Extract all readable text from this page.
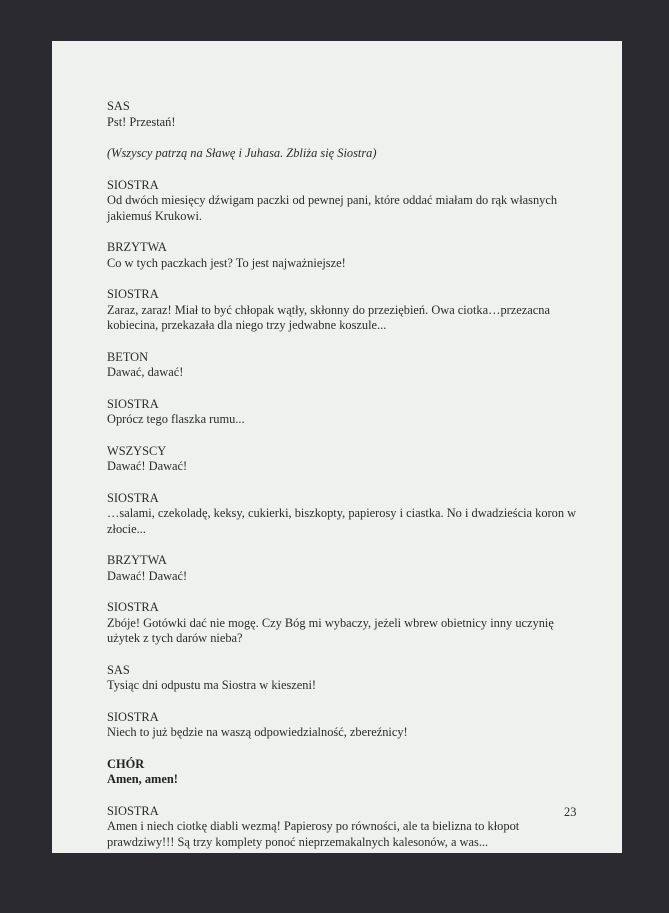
SAS
Pst! Przestań!
(Wszyscy patrzą na Sławę i Juhasa. Zbliża się Siostra)
SIOSTRA
Od dwóch miesięcy dźwigam paczki od pewnej pani, które oddać miałam do rąk własnych jakiemuś Krukowi.
BRZYTWA
Co w tych paczkach jest? To jest najważniejsze!
SIOSTRA
Zaraz, zaraz! Miał to być chłopak wątły, skłonny do przeziębień. Owa ciotka…przezacna kobiecina, przekazała dla niego trzy jedwabne koszule...
BETON
Dawać, dawać!
SIOSTRA
Oprócz tego flaszka rumu...
WSZYSCY
Dawać! Dawać!
SIOSTRA
…salami, czekoladę, keksy, cukierki, biszkopty, papierosy i ciastka. No i dwadzieścia koron w złocie...
BRZYTWA
Dawać! Dawać!
SIOSTRA
Zbóje! Gotówki dać nie mogę. Czy Bóg mi wybaczy, jeżeli wbrew obietnicy inny uczynię użytek z tych darów nieba?
SAS
Tysiąc dni odpustu ma Siostra w kieszeni!
SIOSTRA
Niech to już będzie na waszą odpowiedzialność, zbereźnicy!
CHÓR
Amen, amen!
SIOSTRA
Amen i niech ciotkę diabli wezmą! Papierosy po równości, ale ta bielizna to kłopot prawdziwy!!! Są trzy komplety ponoć nieprzemakalnych kalesonów, a was...
BRZYTWA
Osiemnastu!
23
